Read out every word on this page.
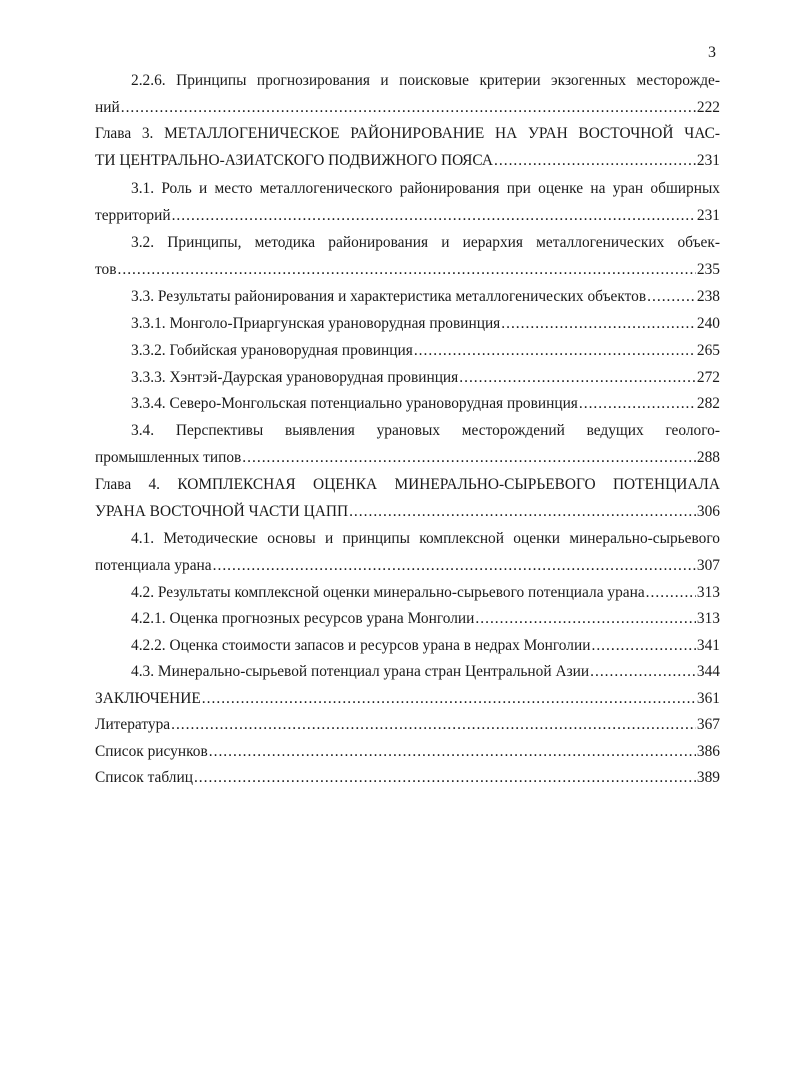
3
2.2.6. Принципы прогнозирования и поисковые критерии экзогенных месторожде-
ний .....	222
Глава 3. МЕТАЛЛОГЕНИЧЕСКОЕ РАЙОНИРОВАНИЕ НА УРАН ВОСТОЧНОЙ ЧАС-
ТИ ЦЕНТРАЛЬНО-АЗИАТСКОГО ПОДВИЖНОГО ПОЯСА .....	231
3.1. Роль и место металлогенического районирования при оценке на уран обширных
территорий .....	231
3.2. Принципы, методика районирования и иерархия металлогенических объек-
тов .....	235
3.3. Результаты районирования и характеристика металлогенических объектов .....	238
3.3.1. Монголо-Приаргунская урановорудная провинция .....	240
3.3.2. Гобийская урановорудная провинция .....	265
3.3.3. Хэнтэй-Даурская урановорудная провинция .....	272
3.3.4. Северо-Монгольская потенциально урановорудная провинция .....	282
3.4. Перспективы выявления урановых месторождений ведущих геолого-
промышленных типов .....	288
Глава 4. КОМПЛЕКСНАЯ ОЦЕНКА МИНЕРАЛЬНО-СЫРЬЕВОГО ПОТЕНЦИАЛА
УРАНА ВОСТОЧНОЙ ЧАСТИ ЦАПП .....	306
4.1. Методические основы и принципы комплексной оценки минерально-сырьевого
потенциала урана .....	307
4.2. Результаты комплексной оценки минерально-сырьевого потенциала урана .....	313
4.2.1. Оценка прогнозных ресурсов урана Монголии .....	313
4.2.2. Оценка стоимости запасов и ресурсов урана в недрах Монголии .....	341
4.3. Минерально-сырьевой потенциал урана стран Центральной Азии .....	344
ЗАКЛЮЧЕНИЕ .....	361
Литература .....	367
Список рисунков .....	386
Список таблиц .....	389
